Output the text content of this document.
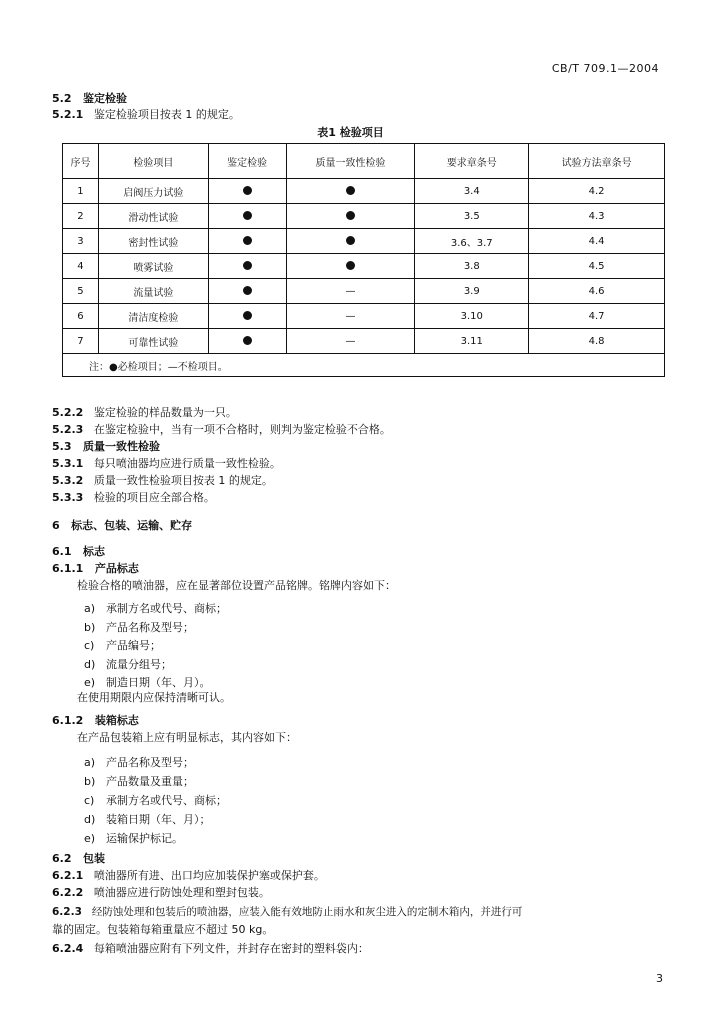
CB/T 709.1—2004
5.2 鉴定检验
5.2.1 鉴定检验项目按表 1 的规定。
表1 检验项目
序号	检验项目	鉴定检验	质量一致性检验	要求章条号	试验方法章条号
1	启阀压力试验			3.4	4.2
2	滑动性试验			3.5	4.3
3	密封性试验			3.6、3.7	4.4
4	喷雾试验			3.8	4.5
5	流量试验		—	3.9	4.6
6	清洁度检验		—	3.10	4.7
7	可靠性试验		—	3.11	4.8
注：●必检项目；—不检项目。					
5.2.2 鉴定检验的样品数量为一只。
5.2.3 在鉴定检验中，当有一项不合格时，则判为鉴定检验不合格。
5.3 质量一致性检验
5.3.1 每只喷油器均应进行质量一致性检验。
5.3.2 质量一致性检验项目按表 1 的规定。
5.3.3 检验的项目应全部合格。
6 标志、包装、运输、贮存
6.1 标志
6.1.1 产品标志
检验合格的喷油器，应在显著部位设置产品铭牌。铭牌内容如下：
a) 承制方名或代号、商标；
b) 产品名称及型号；
c) 产品编号；
d) 流量分组号；
e) 制造日期（年、月）。
在使用期限内应保持清晰可认。
6.1.2 装箱标志
在产品包装箱上应有明显标志，其内容如下：
a) 产品名称及型号；
b) 产品数量及重量；
c) 承制方名或代号、商标；
d) 装箱日期（年、月）；
e) 运输保护标记。
6.2 包装
6.2.1 喷油器所有进、出口均应加装保护塞或保护套。
6.2.2 喷油器应进行防蚀处理和塑封包装。
6.2.3 经防蚀处理和包装后的喷油器，应装入能有效地防止雨水和灰尘进入的定制木箱内，并进行可
靠的固定。包装箱每箱重量应不超过 50 kg。
6.2.4 每箱喷油器应附有下列文件，并封存在密封的塑料袋内：
3
